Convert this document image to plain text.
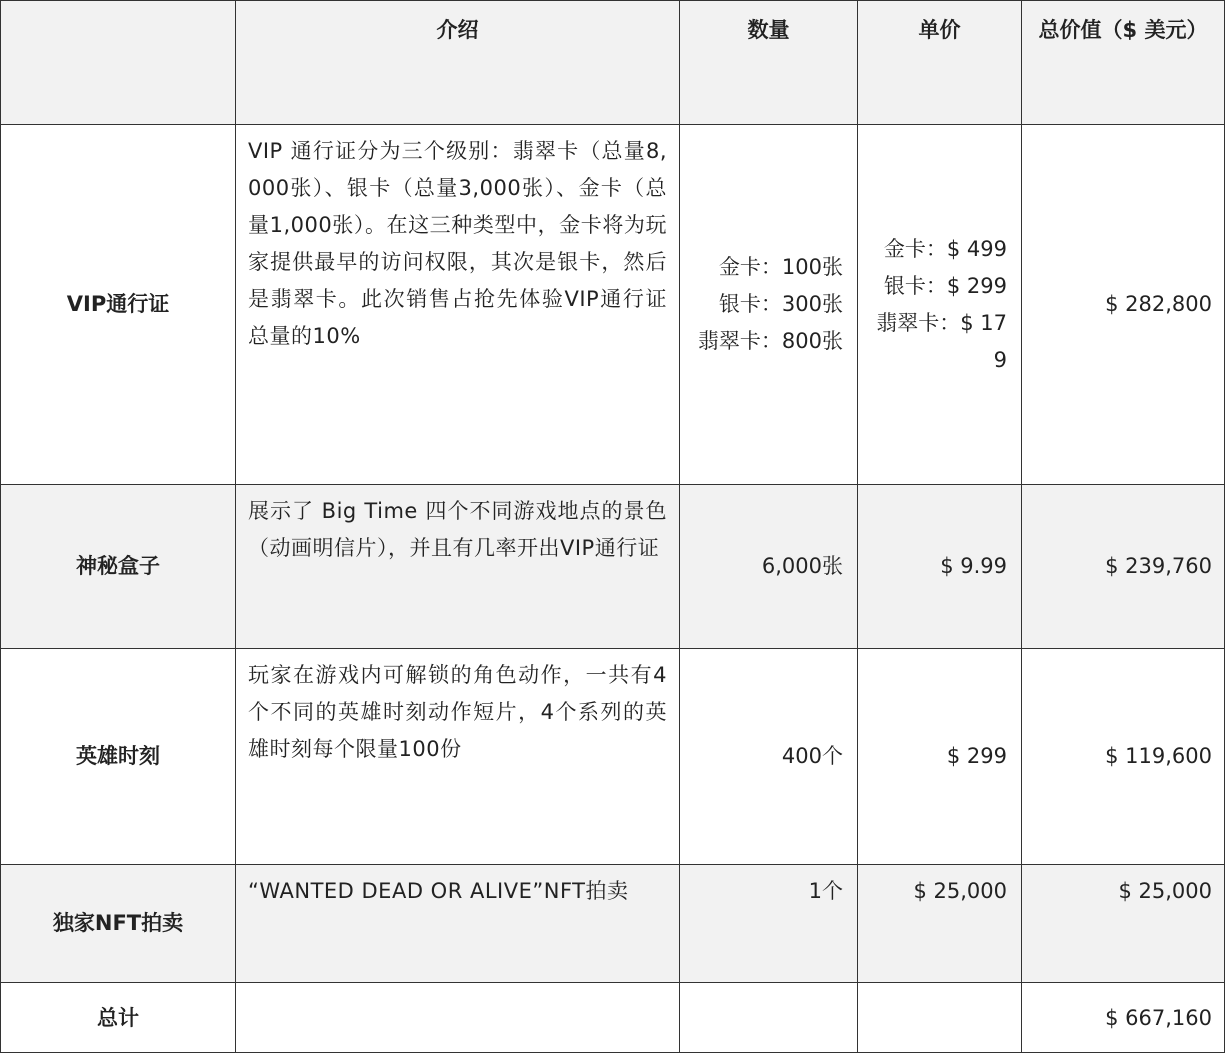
	介绍	数量	单价	总价值（$ 美元）
VIP通行证	VIP 通行证分为三个级别：翡翠卡（总量8,000张）、银卡（总量3,000张）、金卡（总量1,000张）。在这三种类型中，金卡将为玩家提供最早的访问权限，其次是银卡，然后是翡翠卡。此次销售占抢先体验VIP通行证总量的10%	金卡：100张
银卡：300张
翡翠卡：800张	金卡：$ 499
银卡：$ 299
翡翠卡：$ 179	$ 282,800
神秘盒子	展示了 Big Time 四个不同游戏地点的景色（动画明信片），并且有几率开出VIP通行证	6,000张	$ 9.99	$ 239,760
英雄时刻	玩家在游戏内可解锁的角色动作，一共有4个不同的英雄时刻动作短片，4个系列的英雄时刻每个限量100份	400个	$ 299	$ 119,600
独家NFT拍卖	“WANTED DEAD OR ALIVE”NFT拍卖	1个	$ 25,000	$ 25,000
总计				$ 667,160
